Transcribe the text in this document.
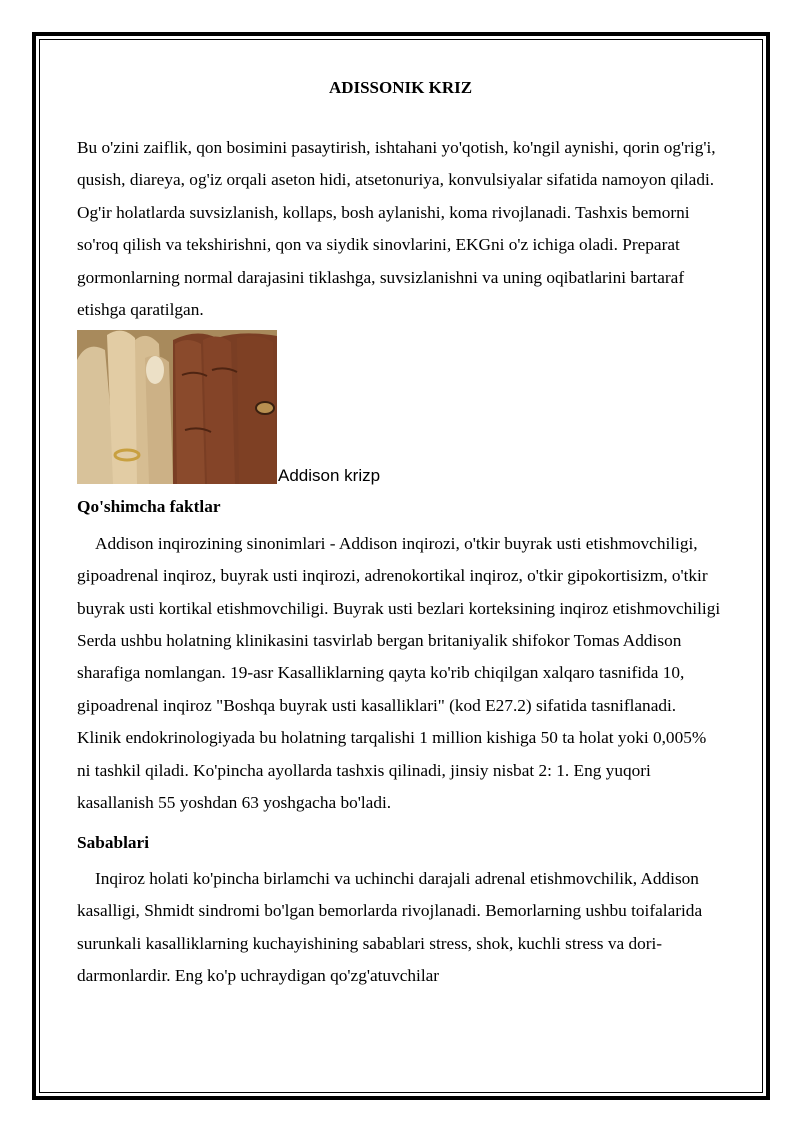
ADISSONIK KRIZ

Bu o'zini zaiflik, qon bosimini pasaytirish, ishtahani yo'qotish, ko'ngil aynishi, qorin og'rig'i, qusish, diareya, og'iz orqali aseton hidi, atsetonuriya, konvulsiyalar sifatida namoyon qiladi. Og'ir holatlarda suvsizlanish, kollaps, bosh aylanishi, koma rivojlanadi. Tashxis bemorni so'roq qilish va tekshirishni, qon va siydik sinovlarini, EKGni o'z ichiga oladi. Preparat gormonlarning normal darajasini tiklashga, suvsizlanishni va uning oqibatlarini bartaraf etishga qaratilgan.

Addison krizp

Qo'shimcha faktlar

Addison inqirozining sinonimlari - Addison inqirozi, o'tkir buyrak usti etishmovchiligi, gipoadrenal inqiroz, buyrak usti inqirozi, adrenokortikal inqiroz, o'tkir gipokortisizm, o'tkir buyrak usti kortikal etishmovchiligi. Buyrak usti bezlari korteksining inqiroz etishmovchiligi Serda ushbu holatning klinikasini tasvirlab bergan britaniyalik shifokor Tomas Addison sharafiga nomlangan. 19-asr Kasalliklarning qayta ko'rib chiqilgan xalqaro tasnifida 10, gipoadrenal inqiroz "Boshqa buyrak usti kasalliklari" (kod E27.2) sifatida tasniflanadi. Klinik endokrinologiyada bu holatning tarqalishi 1 million kishiga 50 ta holat yoki 0,005% ni tashkil qiladi. Ko'pincha ayollarda tashxis qilinadi, jinsiy nisbat 2: 1. Eng yuqori kasallanish 55 yoshdan 63 yoshgacha bo'ladi.

Sabablari

Inqiroz holati ko'pincha birlamchi va uchinchi darajali adrenal etishmovchilik, Addison kasalligi, Shmidt sindromi bo'lgan bemorlarda rivojlanadi. Bemorlarning ushbu toifalarida surunkali kasalliklarning kuchayishining sabablari stress, shok, kuchli stress va dori-darmonlardir. Eng ko'p uchraydigan qo'zg'atuvchilar
